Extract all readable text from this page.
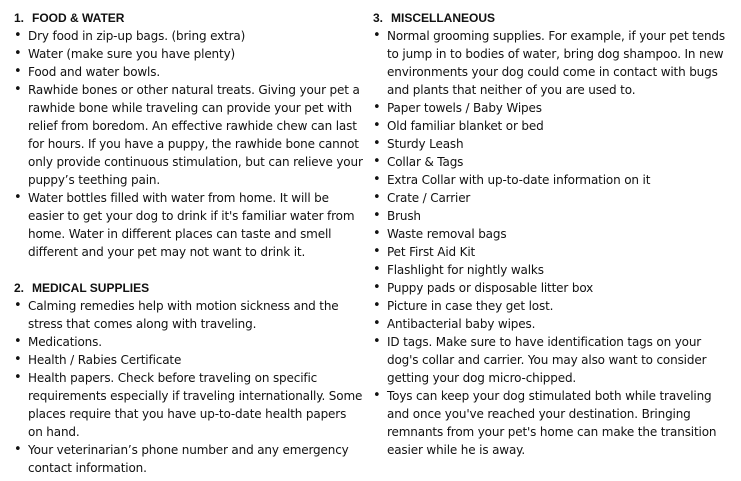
1. FOOD & WATER
• Dry food in zip-up bags. (bring extra)
• Water (make sure you have plenty)
• Food and water bowls.
• Rawhide bones or other natural treats. Giving your pet a rawhide bone while traveling can provide your pet with relief from boredom. An effective rawhide chew can last for hours. If you have a puppy, the rawhide bone cannot only provide continuous stimulation, but can relieve your puppy’s teething pain.
• Water bottles filled with water from home. It will be easier to get your dog to drink if it's familiar water from home. Water in different places can taste and smell different and your pet may not want to drink it.
2. MEDICAL SUPPLIES
• Calming remedies help with motion sickness and the stress that comes along with traveling.
• Medications.
• Health / Rabies Certificate
• Health papers. Check before traveling on specific requirements especially if traveling internationally. Some places require that you have up-to-date health papers on hand.
• Your veterinarian’s phone number and any emergency contact information.
3. MISCELLANEOUS
• Normal grooming supplies. For example, if your pet tends to jump in to bodies of water, bring dog shampoo. In new environments your dog could come in contact with bugs and plants that neither of you are used to.
• Paper towels / Baby Wipes
• Old familiar blanket or bed
• Sturdy Leash
• Collar & Tags
• Extra Collar with up-to-date information on it
• Crate / Carrier
• Brush
• Waste removal bags
• Pet First Aid Kit
• Flashlight for nightly walks
• Puppy pads or disposable litter box
• Picture in case they get lost.
• Antibacterial baby wipes.
• ID tags. Make sure to have identification tags on your dog's collar and carrier. You may also want to consider getting your dog micro-chipped.
• Toys can keep your dog stimulated both while traveling and once you've reached your destination. Bringing remnants from your pet's home can make the transition easier while he is away.
